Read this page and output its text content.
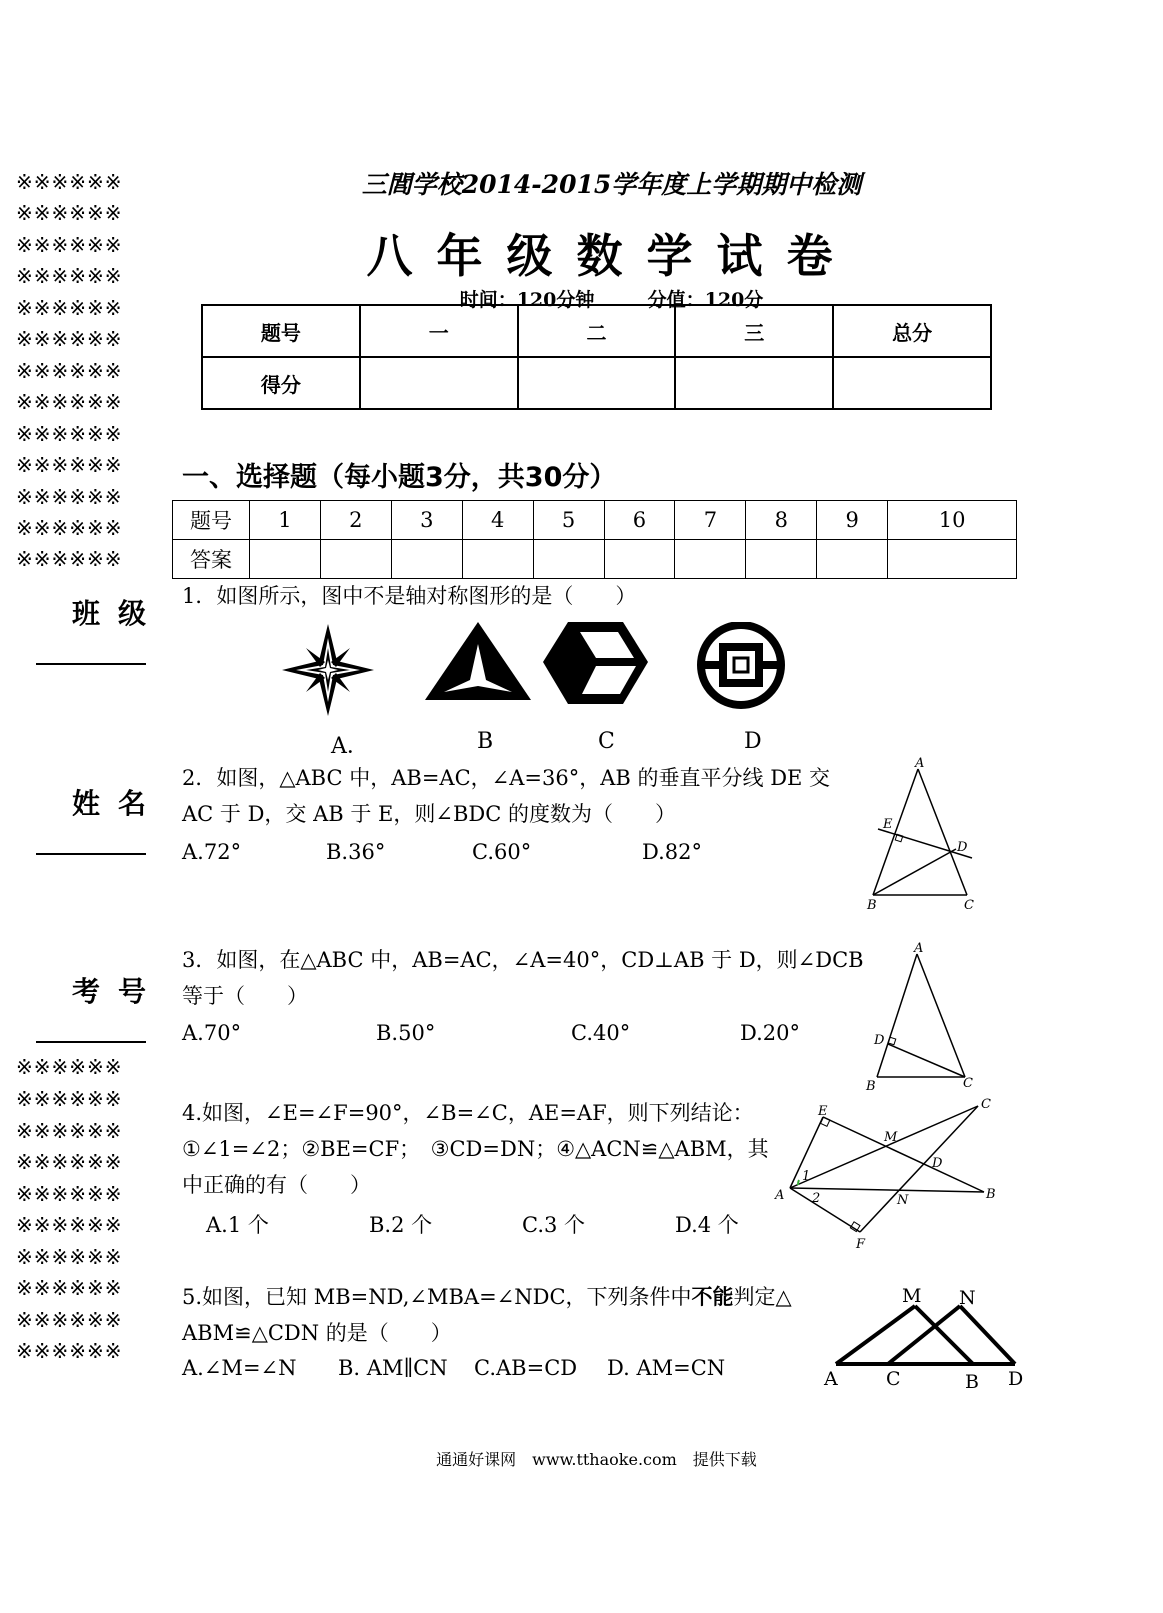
※※※※※※
※※※※※※
※※※※※※
※※※※※※
※※※※※※
※※※※※※
※※※※※※
※※※※※※
※※※※※※
※※※※※※
※※※※※※
※※※※※※
※※※※※※
班级
姓名
考号
※※※※※※
※※※※※※
※※※※※※
※※※※※※
※※※※※※
※※※※※※
※※※※※※
※※※※※※
※※※※※※
※※※※※※
三閭学校2014-2015学年度上学期期中检测
八年级数学试卷
时间：120分钟	分值：120分
题号	一	二	三	总分
得分				
一、选择题（每小题3分，共30分）
题号	1	2	3	4	5	6	7	8	9	10
答案										
1．如图所示，图中不是轴对称图形的是（　　）
A．	B	C	D
2．如图，△ABC 中，AB=AC，∠A=36°，AB 的垂直平分线 DE 交
AC 于 D，交 AB 于 E，则∠BDC 的度数为（　　）
A.72°	B.36°	C.60°	D.82°
A
E
D
B	C
3．如图，在△ABC 中，AB=AC，∠A=40°，CD⊥AB 于 D，则∠DCB
等于（　　）
A.70°	B.50°	C.40°	D.20°
A
D
B	C
4.如图，∠E=∠F=90°，∠B=∠C，AE=AF，则下列结论：
①∠1=∠2；②BE=CF；　③CD=DN；④△ACN≌△ABM，其
中正确的有（　　）
A.1 个	B.2 个	C.3 个	D.4 个
E	C
M
D
A
1
2	N	B
F
5.如图，已知 MB=ND,∠MBA=∠NDC，下列条件中不能判定△
ABM≌△CDN 的是（　　）
A.∠M=∠N B. AM∥CN C.AB=CD D. AM=CN
M N
A	C	B D
通通好课网　www.tthaoke.com　提供下载
